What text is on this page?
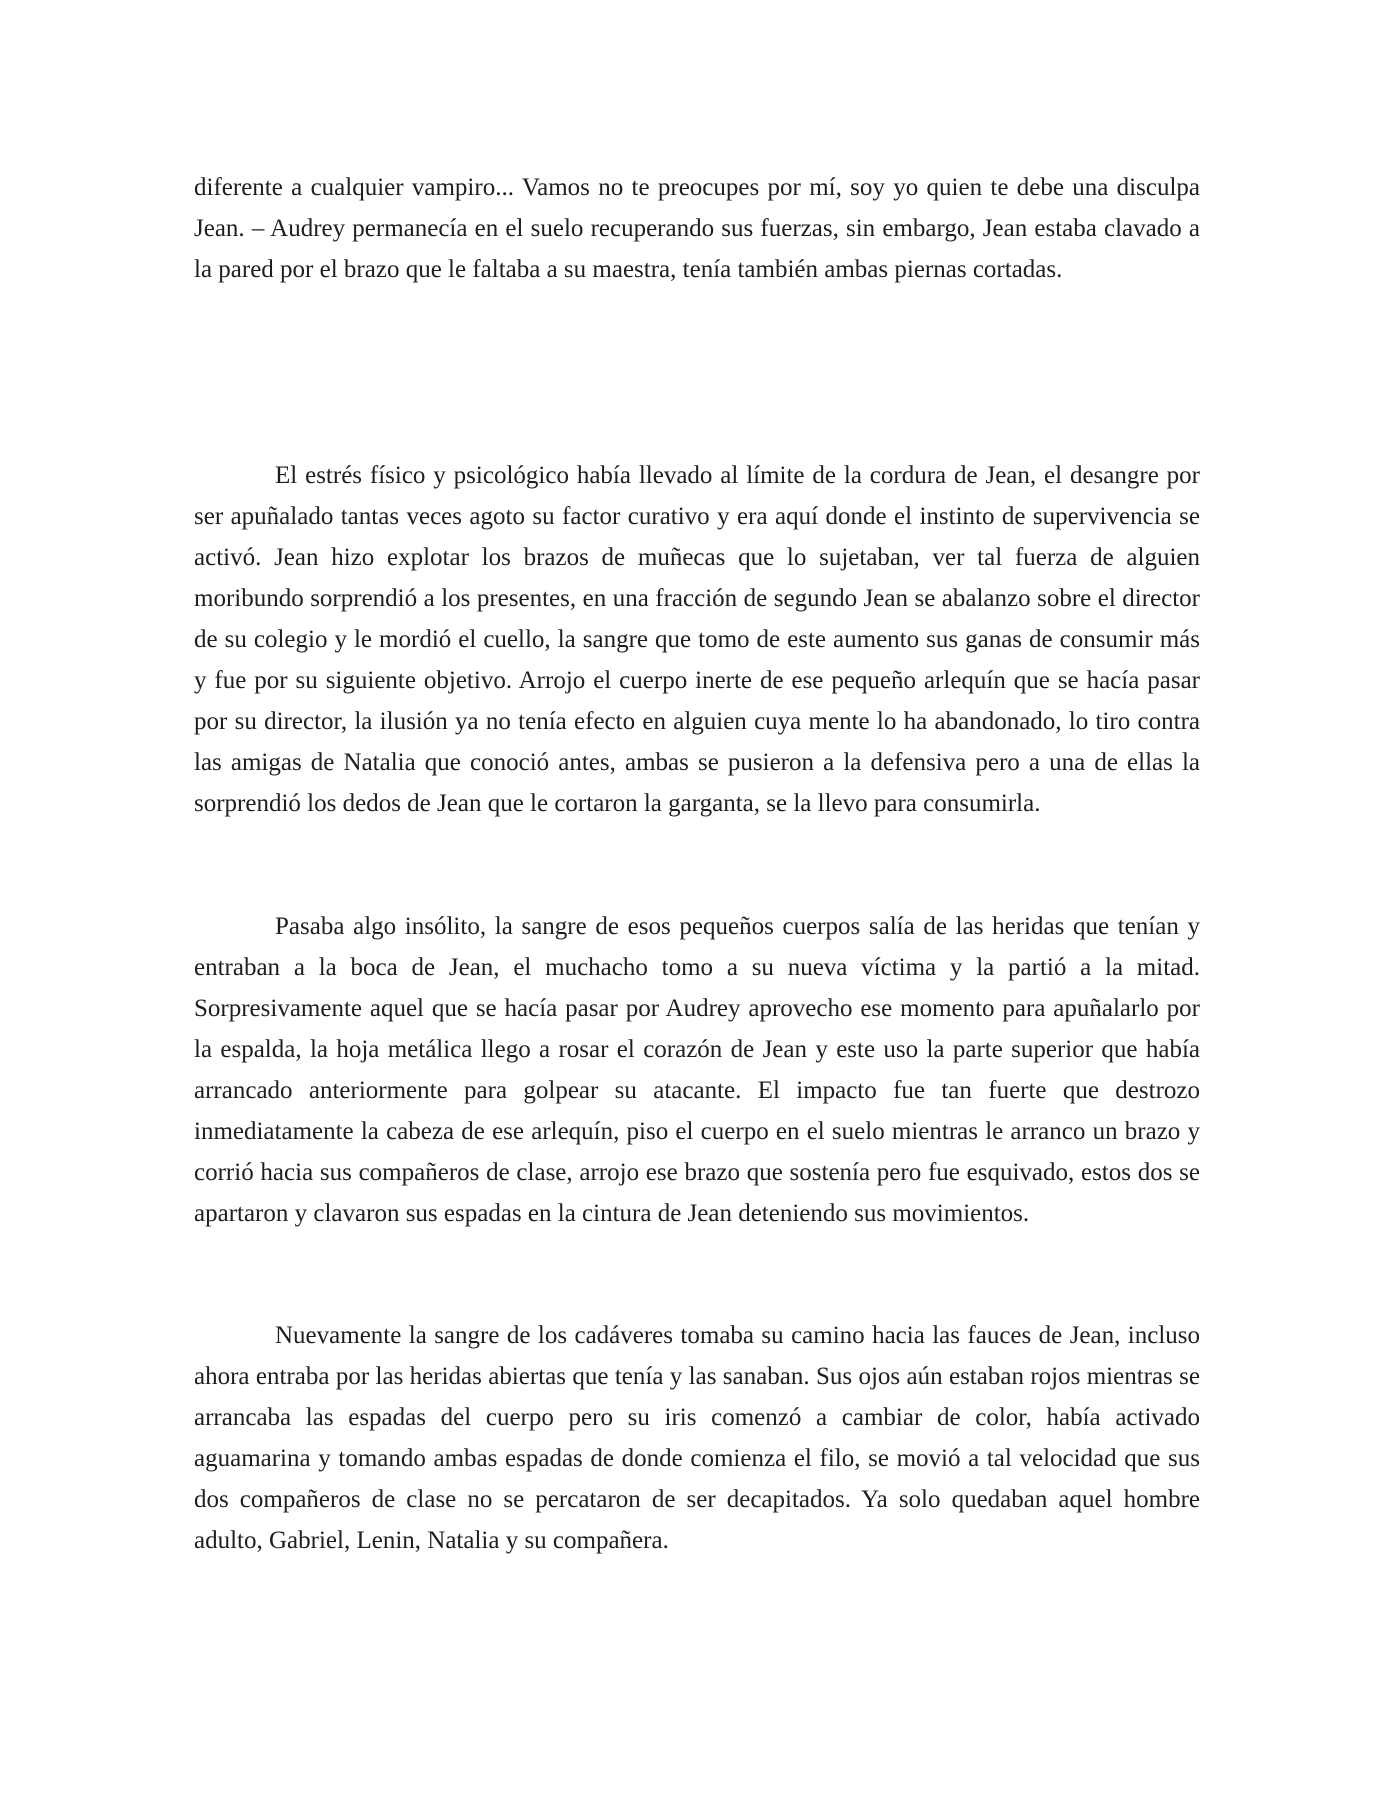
diferente a cualquier vampiro... Vamos no te preocupes por mí, soy yo quien te debe una disculpa Jean. – Audrey permanecía en el suelo recuperando sus fuerzas, sin embargo, Jean estaba clavado a la pared por el brazo que le faltaba a su maestra, tenía también ambas piernas cortadas.

El estrés físico y psicológico había llevado al límite de la cordura de Jean, el desangre por ser apuñalado tantas veces agoto su factor curativo y era aquí donde el instinto de supervivencia se activó. Jean hizo explotar los brazos de muñecas que lo sujetaban, ver tal fuerza de alguien moribundo sorprendió a los presentes, en una fracción de segundo Jean se abalanzo sobre el director de su colegio y le mordió el cuello, la sangre que tomo de este aumento sus ganas de consumir más y fue por su siguiente objetivo. Arrojo el cuerpo inerte de ese pequeño arlequín que se hacía pasar por su director, la ilusión ya no tenía efecto en alguien cuya mente lo ha abandonado, lo tiro contra las amigas de Natalia que conoció antes, ambas se pusieron a la defensiva pero a una de ellas la sorprendió los dedos de Jean que le cortaron la garganta, se la llevo para consumirla.

Pasaba algo insólito, la sangre de esos pequeños cuerpos salía de las heridas que tenían y entraban a la boca de Jean, el muchacho tomo a su nueva víctima y la partió a la mitad. Sorpresivamente aquel que se hacía pasar por Audrey aprovecho ese momento para apuñalarlo por la espalda, la hoja metálica llego a rosar el corazón de Jean y este uso la parte superior que había arrancado anteriormente para golpear su atacante. El impacto fue tan fuerte que destrozo inmediatamente la cabeza de ese arlequín, piso el cuerpo en el suelo mientras le arranco un brazo y corrió hacia sus compañeros de clase, arrojo ese brazo que sostenía pero fue esquivado, estos dos se apartaron y clavaron sus espadas en la cintura de Jean deteniendo sus movimientos.

Nuevamente la sangre de los cadáveres tomaba su camino hacia las fauces de Jean, incluso ahora entraba por las heridas abiertas que tenía y las sanaban. Sus ojos aún estaban rojos mientras se arrancaba las espadas del cuerpo pero su iris comenzó a cambiar de color, había activado aguamarina y tomando ambas espadas de donde comienza el filo, se movió a tal velocidad que sus dos compañeros de clase no se percataron de ser decapitados. Ya solo quedaban aquel hombre adulto, Gabriel, Lenin, Natalia y su compañera.
